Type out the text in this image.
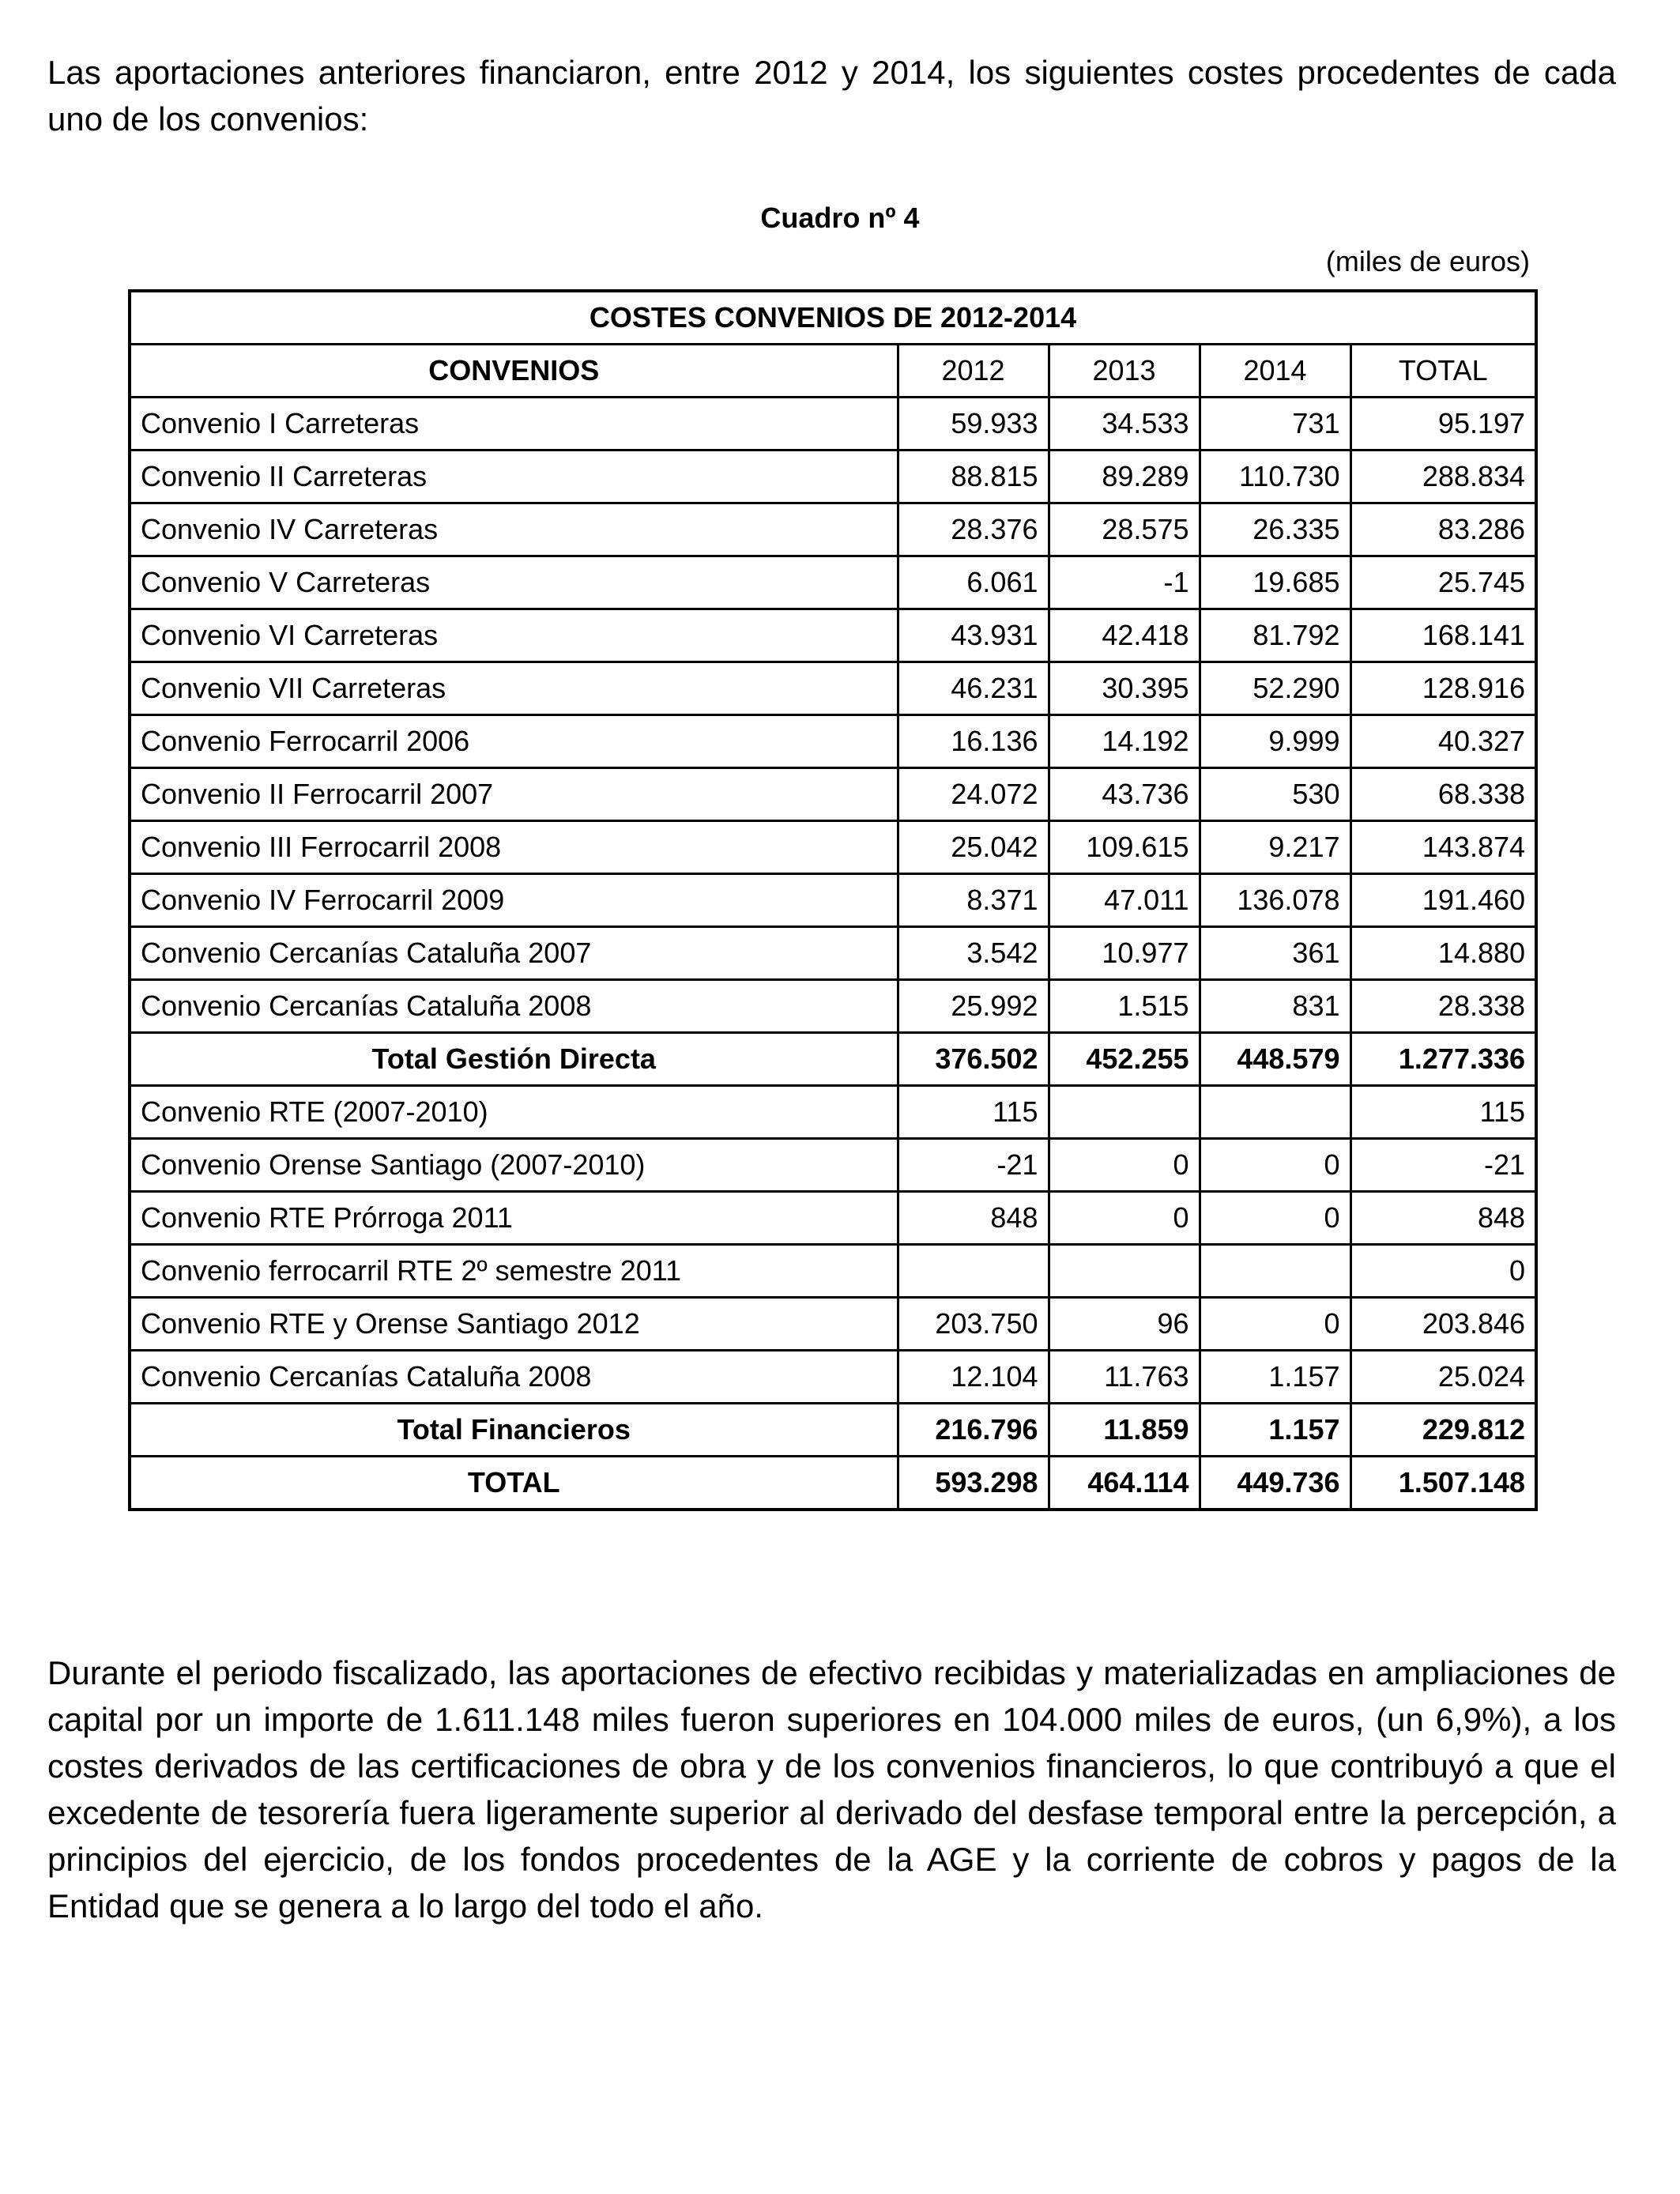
Las aportaciones anteriores financiaron, entre 2012 y 2014, los siguientes costes procedentes de cada uno de los convenios:

Cuadro nº 4
(miles de euros)
COSTES CONVENIOS DE 2012-2014				
CONVENIOS	2012	2013	2014	TOTAL
Convenio I Carreteras	59.933	34.533	731	95.197
Convenio II Carreteras	88.815	89.289	110.730	288.834
Convenio IV Carreteras	28.376	28.575	26.335	83.286
Convenio V Carreteras	6.061	-1	19.685	25.745
Convenio VI Carreteras	43.931	42.418	81.792	168.141
Convenio VII Carreteras	46.231	30.395	52.290	128.916
Convenio Ferrocarril 2006	16.136	14.192	9.999	40.327
Convenio II Ferrocarril 2007	24.072	43.736	530	68.338
Convenio III Ferrocarril 2008	25.042	109.615	9.217	143.874
Convenio IV Ferrocarril 2009	8.371	47.011	136.078	191.460
Convenio Cercanías Cataluña 2007	3.542	10.977	361	14.880
Convenio Cercanías Cataluña 2008	25.992	1.515	831	28.338
Total Gestión Directa	376.502	452.255	448.579	1.277.336
Convenio RTE (2007-2010)	115			115
Convenio Orense Santiago (2007-2010)	-21	0	0	-21
Convenio RTE Prórroga 2011	848	0	0	848
Convenio ferrocarril RTE 2º semestre 2011				0
Convenio RTE y Orense Santiago 2012	203.750	96	0	203.846
Convenio Cercanías Cataluña 2008	12.104	11.763	1.157	25.024
Total Financieros	216.796	11.859	1.157	229.812
TOTAL	593.298	464.114	449.736	1.507.148

Durante el periodo fiscalizado, las aportaciones de efectivo recibidas y materializadas en ampliaciones de capital por un importe de 1.611.148 miles fueron superiores en 104.000 miles de euros, (un 6,9%), a los costes derivados de las certificaciones de obra y de los convenios financieros, lo que contribuyó a que el excedente de tesorería fuera ligeramente superior al derivado del desfase temporal entre la percepción, a principios del ejercicio, de los fondos procedentes de la AGE y la corriente de cobros y pagos de la Entidad que se genera a lo largo del todo el año.
